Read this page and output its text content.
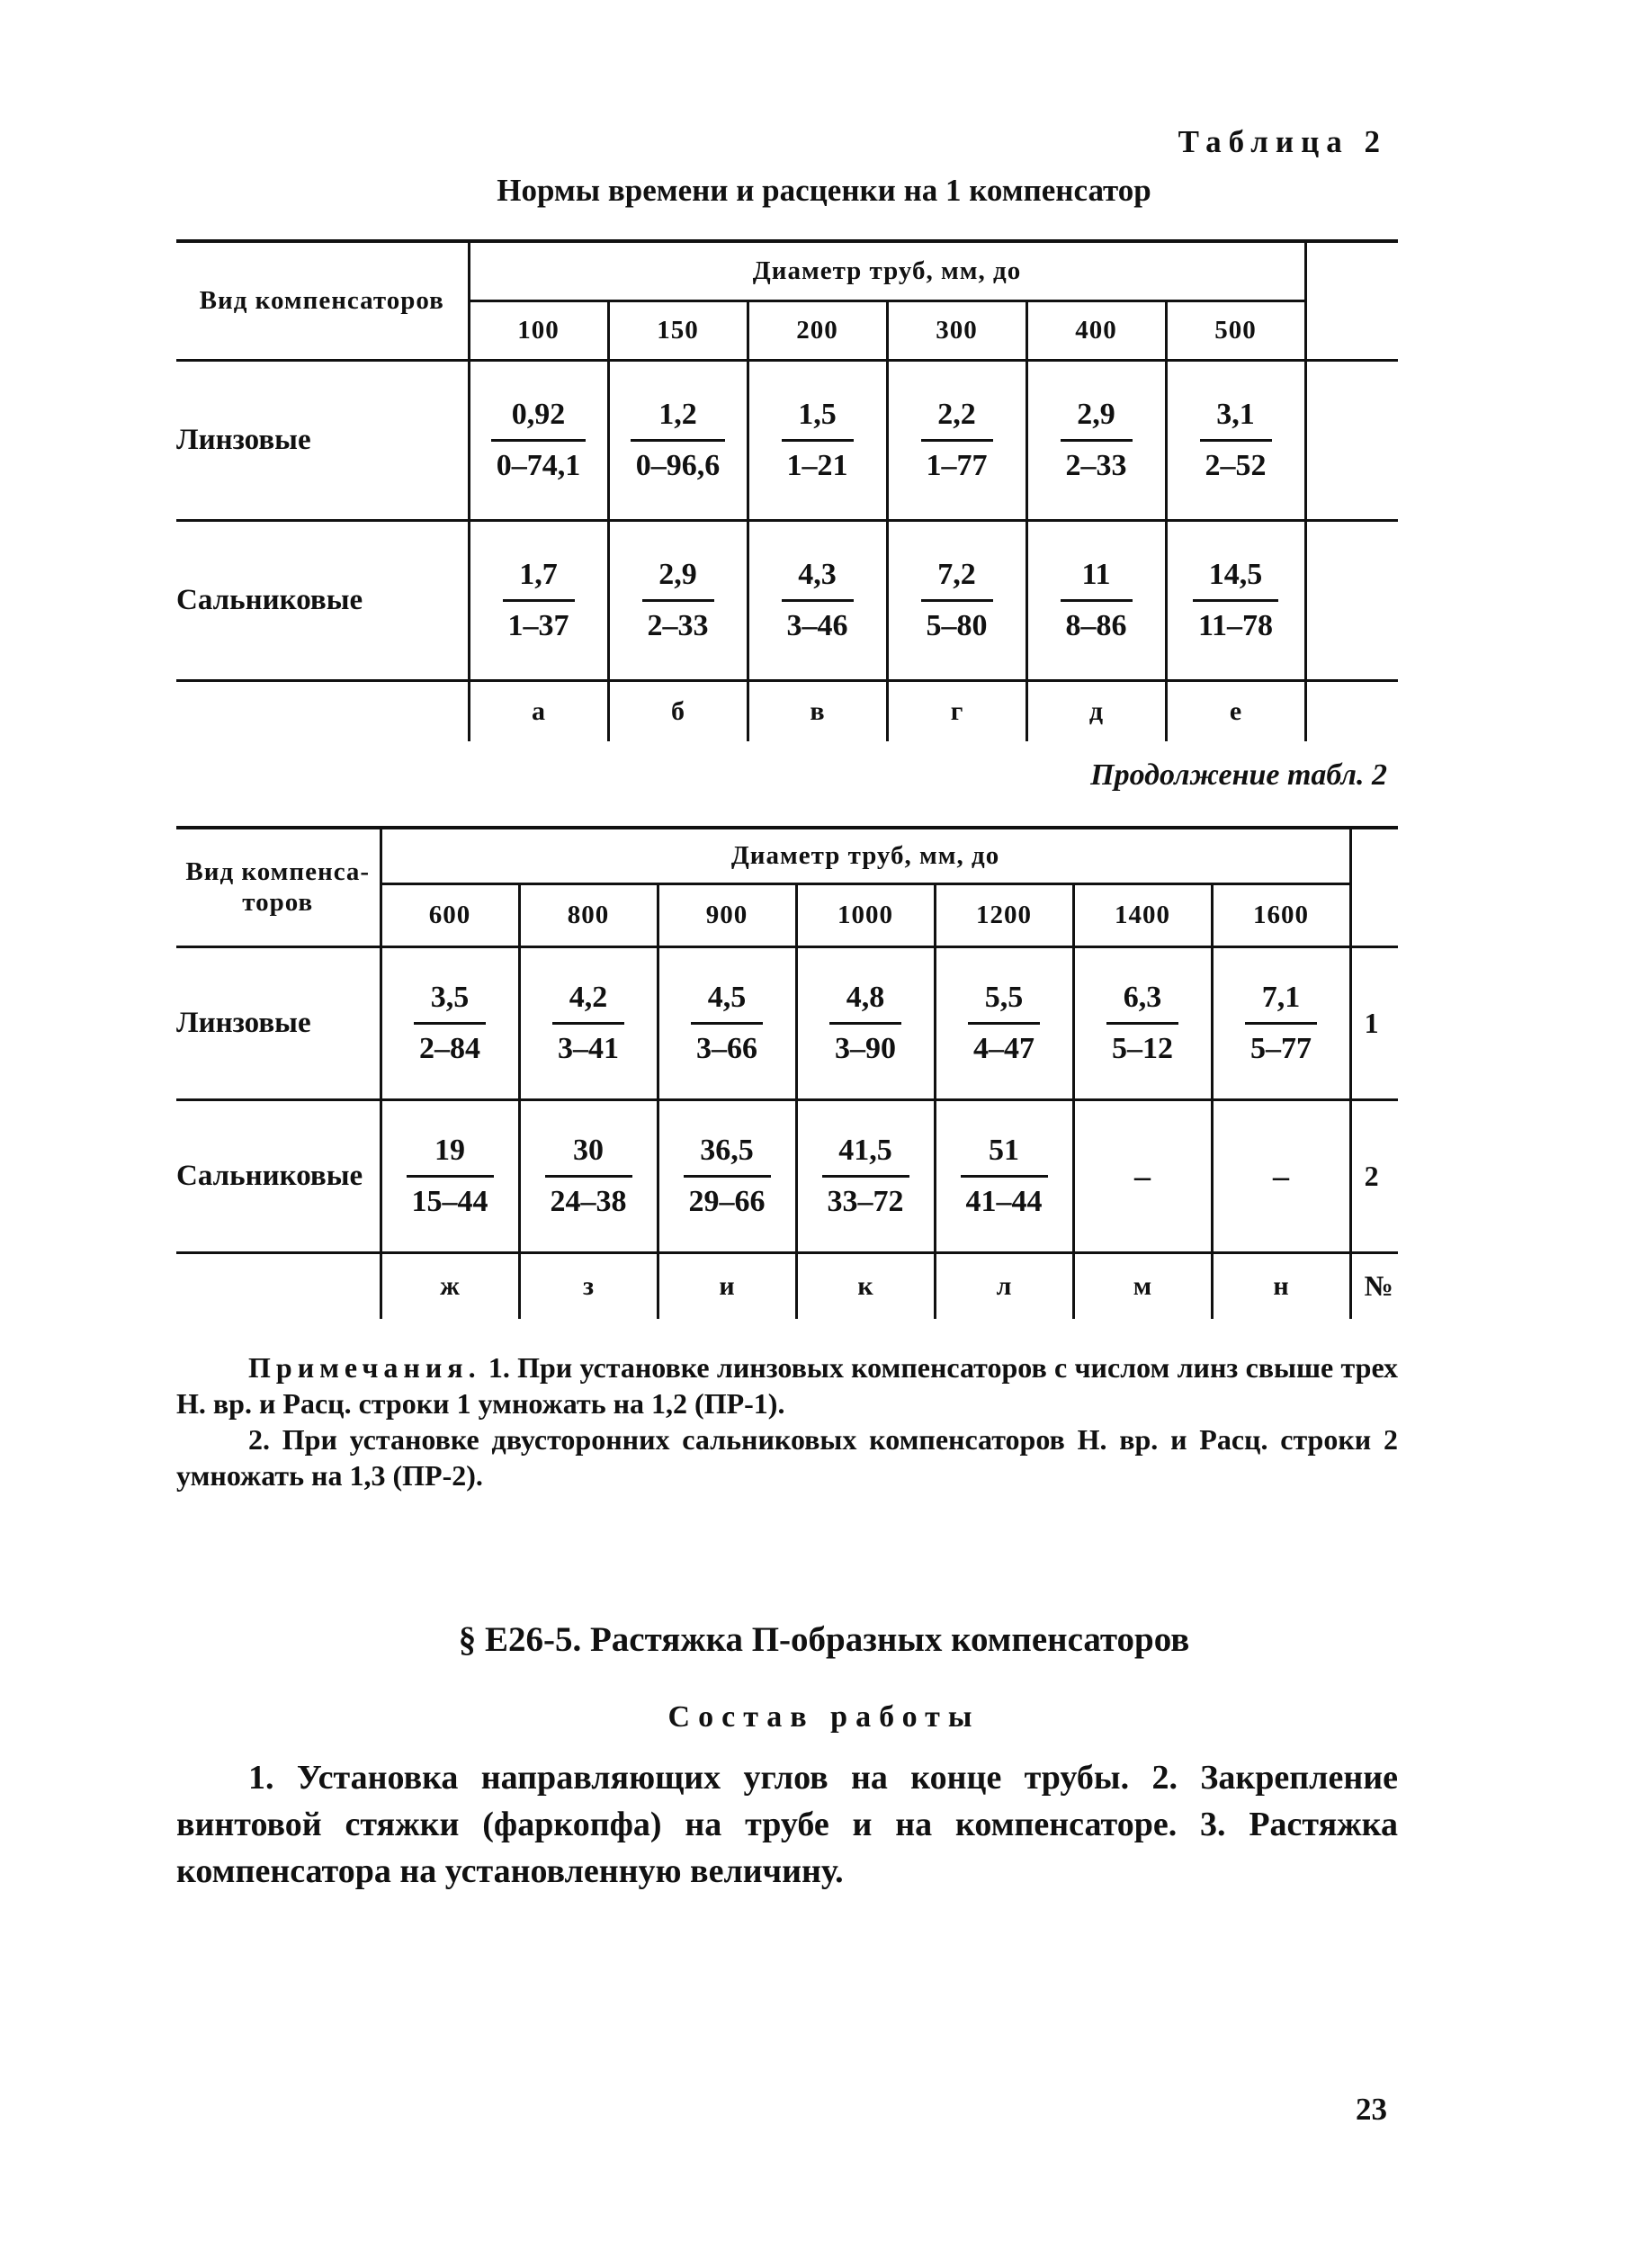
Таблица 2
Нормы времени и расценки на 1 компенсатор
Вид компенсаторов	Диаметр труб, мм, до						
	100	150	200	300	400	500	
Линзовые	$\frac{0,92}{0-74,1}$	$\frac{1,2}{0-96,6}$	$\frac{1,5}{1-21}$	$\frac{2,2}{1-77}$	$\frac{2,9}{2-33}$	$\frac{3,1}{2-52}$

Сальниковые	$\frac{1,7}{1-37}$	$\frac{2,9}{2-33}$	$\frac{4,3}{3-46}$	$\frac{7,2}{5-80}$	$\frac{11}{8-86}$	$\frac{14,5}{11-78}$

	а	б	в	г	д	е	
Продолжение табл. 2
Вид компенса-торов	Диаметр труб, мм, до							
	600	800	900	1000	1200	1400	1600	
Линзовые	$\frac{3,5}{2-84}$	$\frac{4,2}{3-41}$	$\frac{4,5}{3-66}$	$\frac{4,8}{3-90}$	$\frac{5,5}{4-47}$	$\frac{6,3}{5-12}$	$\frac{7,1}{5-77}$	1
Сальниковые	$\frac{19}{15-44}$	$\frac{30}{24-38}$	$\frac{36,5}{29-66}$	$\frac{41,5}{33-72}$	$\frac{51}{41-44}$	–	–	2
	ж	з	и	к	л	м	н	№

Примечания. 1. При установке линзовых компенсаторов с числом линз свыше трех Н. вр. и Расц. строки 1 умножать на 1,2 (ПР-1).

2. При установке двусторонних сальниковых компенсаторов Н. вр. и Расц. строки 2 умножать на 1,3 (ПР-2).

§ Е26-5. Растяжка П-образных компенсаторов
Состав работы
1. Установка направляющих углов на конце трубы. 2. Закрепление винтовой стяжки (фаркопфа) на трубе и на компенсаторе. 3. Растяжка компенсатора на установленную величину.
23
